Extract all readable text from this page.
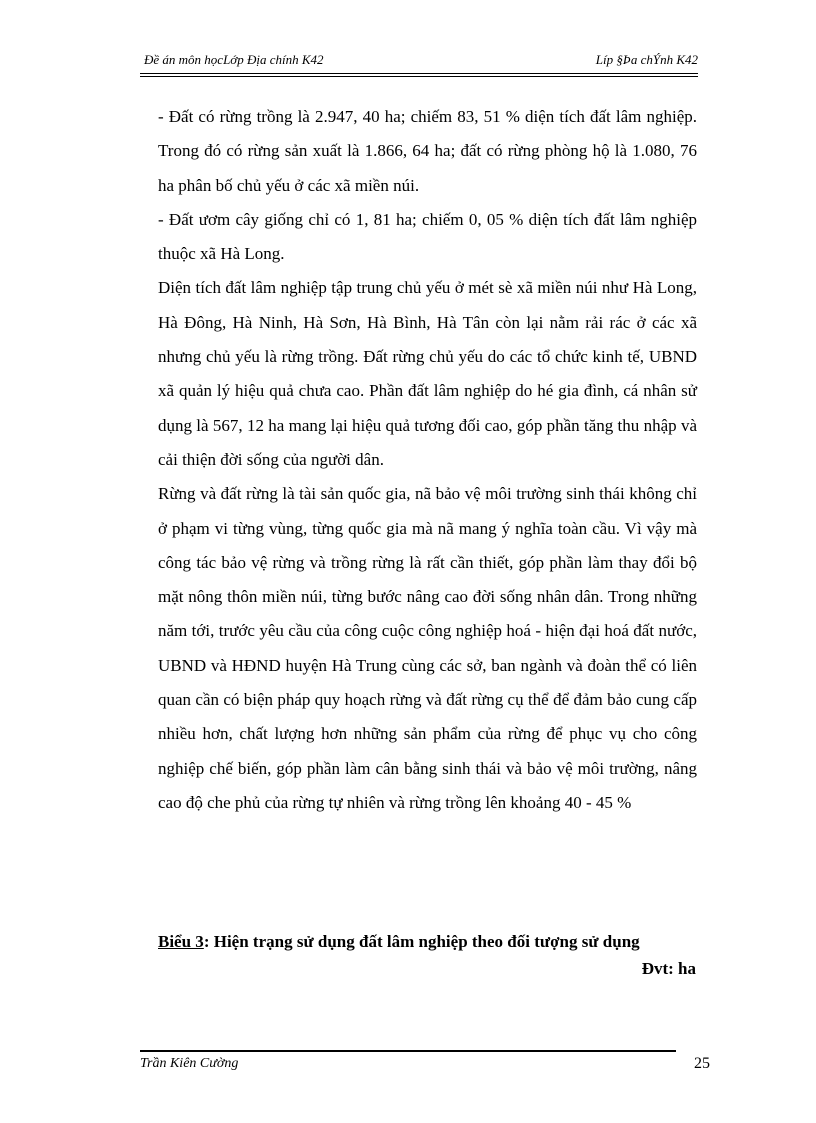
Đề án môn họcLớp Địa chính K42	Líp §Þa chÝnh K42

- Đất có rừng trồng là 2.947, 40 ha; chiếm 83, 51 % diện tích đất lâm nghiệp. Trong đó có rừng sản xuất là 1.866, 64 ha; đất có rừng phòng hộ là 1.080, 76 ha phân bố chủ yếu ở các xã miền núi.

- Đất ươm cây giống chỉ có 1, 81 ha; chiếm 0, 05 % diện tích đất lâm nghiệp thuộc xã Hà Long.

Diện tích đất lâm nghiệp tập trung chủ yếu ở mét sè xã miền núi như Hà Long, Hà Đông, Hà Ninh, Hà Sơn, Hà Bình, Hà Tân còn lại nằm rải rác ở các xã nhưng chủ yếu là rừng trồng. Đất rừng chủ yếu do các tổ chức kinh tế, UBND xã quản lý hiệu quả chưa cao. Phần đất lâm nghiệp do hé gia đình, cá nhân sử dụng là 567, 12 ha mang lại hiệu quả tương đối cao, góp phần tăng thu nhập và cải thiện đời sống của người dân.

Rừng và đất rừng là tài sản quốc gia, nã bảo vệ môi trường sinh thái không chỉ ở phạm vi từng vùng, từng quốc gia mà nã mang ý nghĩa toàn cầu. Vì vậy mà công tác bảo vệ rừng và trồng rừng là rất cần thiết, góp phần làm thay đổi bộ mặt nông thôn miền núi, từng bước nâng cao đời sống nhân dân. Trong những năm tới, trước yêu cầu của công cuộc công nghiệp hoá - hiện đại hoá đất nước, UBND và HĐND huyện Hà Trung cùng các sở, ban ngành và đoàn thể có liên quan cần có biện pháp quy hoạch rừng và đất rừng cụ thể để đảm bảo cung cấp nhiều hơn, chất lượng hơn những sản phẩm của rừng để phục vụ cho công nghiệp chế biến, góp phần làm cân bằng sinh thái và bảo vệ môi trường, nâng cao độ che phủ của rừng tự nhiên và rừng trồng lên khoảng 40 - 45 %

Biểu 3: Hiện trạng sử dụng đất lâm nghiệp theo đối tượng sử dụng
Đvt: ha
Trần Kiên Cường	25
